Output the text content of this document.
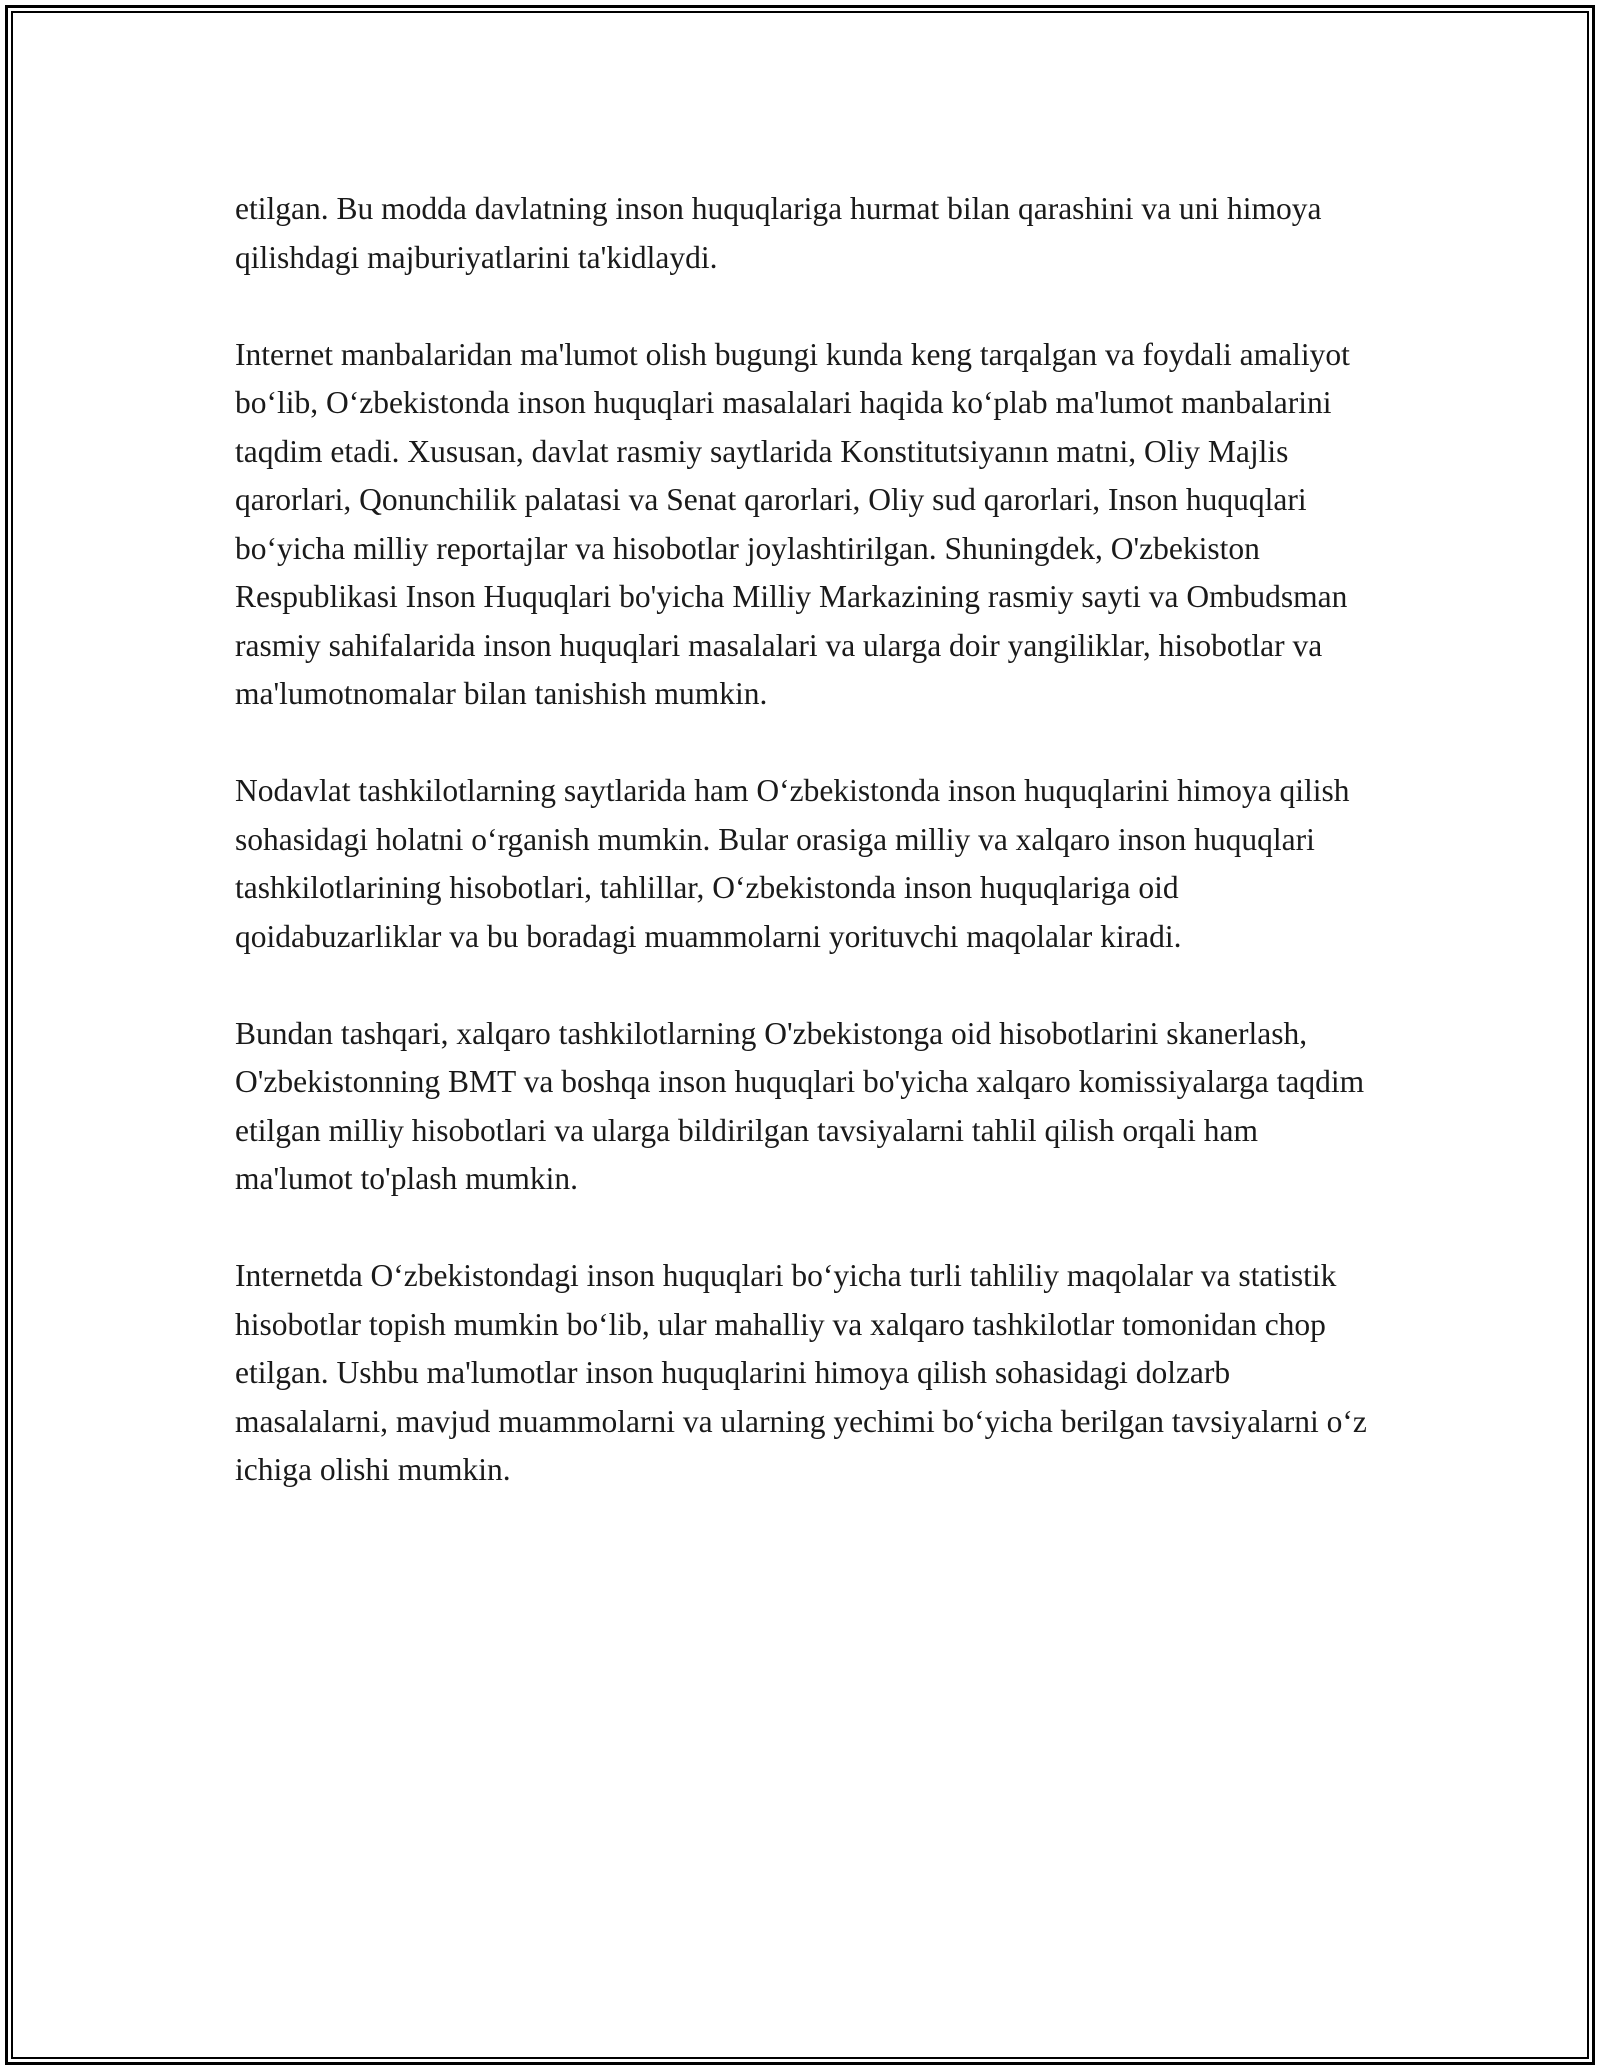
etilgan. Bu modda davlatning inson huquqlariga hurmat bilan qarashini va uni himoya qilishdagi majburiyatlarini ta'kidlaydi.

Internet manbalaridan ma'lumot olish bugungi kunda keng tarqalgan va foydali amaliyot bo‘lib, O‘zbekistonda inson huquqlari masalalari haqida ko‘plab ma'lumot manbalarini taqdim etadi. Xususan, davlat rasmiy saytlarida Konstitutsiyanın matni, Oliy Majlis qarorlari, Qonunchilik palatasi va Senat qarorlari, Oliy sud qarorlari, Inson huquqlari bo‘yicha milliy reportajlar va hisobotlar joylashtirilgan. Shuningdek, O'zbekiston Respublikasi Inson Huquqlari bo'yicha Milliy Markazining rasmiy sayti va Ombudsman rasmiy sahifalarida inson huquqlari masalalari va ularga doir yangiliklar, hisobotlar va ma'lumotnomalar bilan tanishish mumkin.

Nodavlat tashkilotlarning saytlarida ham O‘zbekistonda inson huquqlarini himoya qilish sohasidagi holatni o‘rganish mumkin. Bular orasiga milliy va xalqaro inson huquqlari tashkilotlarining hisobotlari, tahlillar, O‘zbekistonda inson huquqlariga oid qoidabuzarliklar va bu boradagi muammolarni yorituvchi maqolalar kiradi.

Bundan tashqari, xalqaro tashkilotlarning O'zbekistonga oid hisobotlarini skanerlash, O'zbekistonning BMT va boshqa inson huquqlari bo'yicha xalqaro komissiyalarga taqdim etilgan milliy hisobotlari va ularga bildirilgan tavsiyalarni tahlil qilish orqali ham ma'lumot to'plash mumkin.

Internetda O‘zbekistondagi inson huquqlari bo‘yicha turli tahliliy maqolalar va statistik hisobotlar topish mumkin bo‘lib, ular mahalliy va xalqaro tashkilotlar tomonidan chop etilgan. Ushbu ma'lumotlar inson huquqlarini himoya qilish sohasidagi dolzarb masalalarni, mavjud muammolarni va ularning yechimi bo‘yicha berilgan tavsiyalarni o‘z ichiga olishi mumkin.
